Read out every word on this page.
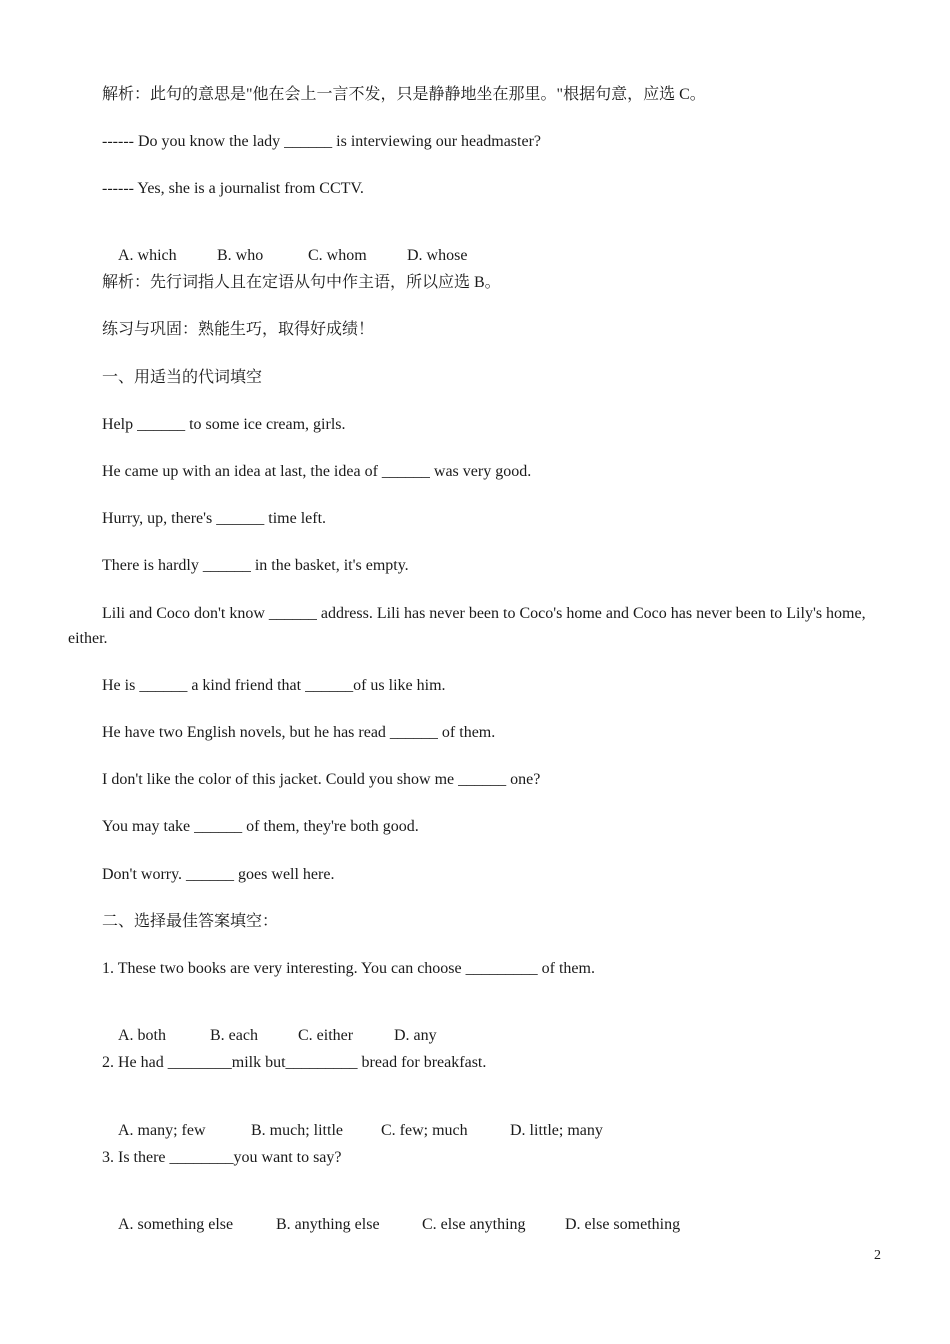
解析：此句的意思是"他在会上一言不发，只是静静地坐在那里。"根据句意，应选 C。

------ Do you know the lady ______ is interviewing our headmaster?

------ Yes, she is a journalist from CCTV.

A. which	B. who	C. whom	D. whose

解析：先行词指人且在定语从句中作主语，所以应选 B。

练习与巩固：熟能生巧，取得好成绩！

一、用适当的代词填空

Help ______ to some ice cream, girls.

He came up with an idea at last, the idea of ______ was very good.

Hurry, up, there's ______ time left.

There is hardly ______ in the basket, it's empty.

Lili and Coco don't know ______ address. Lili has never been to Coco's home and Coco has never been to Lily's home, either.

He is ______ a kind friend that ______of us like him.

He have two English novels, but he has read ______ of them.

I don't like the color of this jacket. Could you show me ______ one?

You may take ______ of them, they're both good.

Don't worry. ______ goes well here.

二、选择最佳答案填空：

1. These two books are very interesting. You can choose _________ of them.

A. both	B. each	C. either	D. any

2. He had ________milk but_________ bread for breakfast.

A. many; few	B. much; little C. few; much	D. little; many

3. Is there ________you want to say?

A. something else	B. anything else	C. else anything D. else something

2
